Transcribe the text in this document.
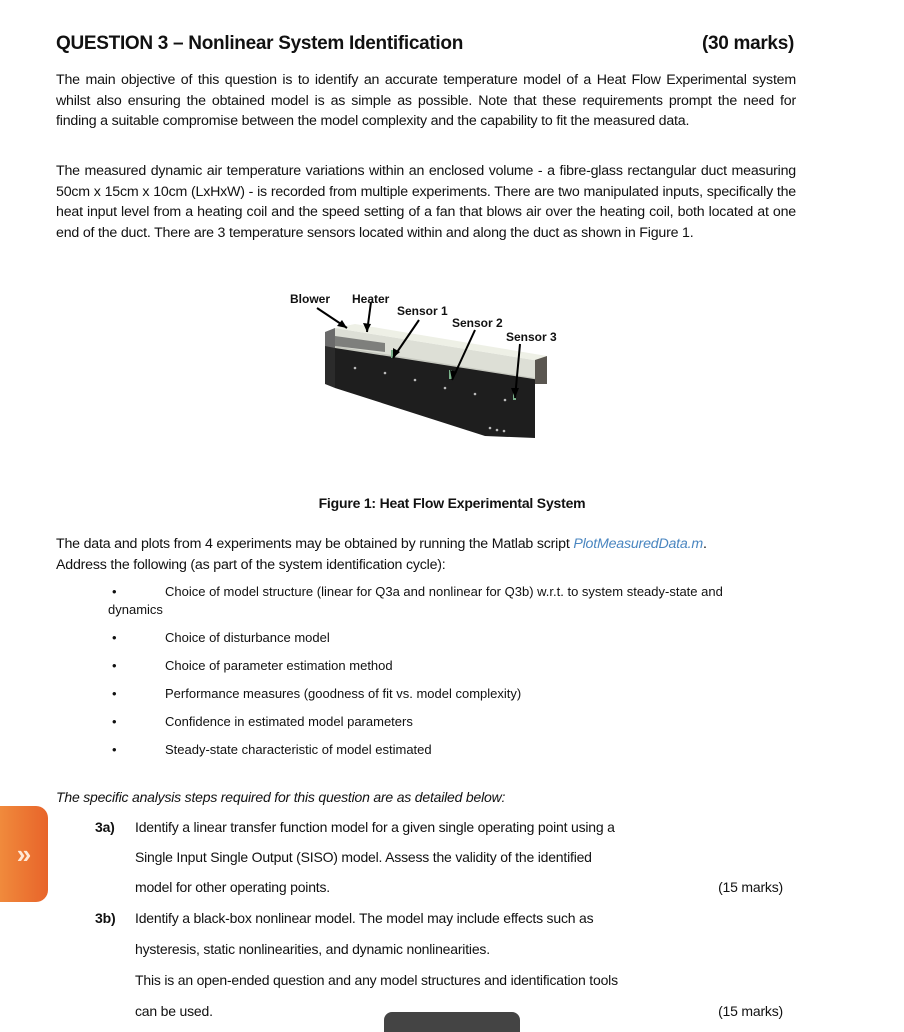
QUESTION 3 – Nonlinear System Identification	(30 marks)

The main objective of this question is to identify an accurate temperature model of a Heat Flow Experimental system whilst also ensuring the obtained model is as simple as possible. Note that these requirements prompt the need for finding a suitable compromise between the model complexity and the capability to fit the measured data.

The measured dynamic air temperature variations within an enclosed volume - a fibre-glass rectangular duct measuring 50cm x 15cm x 10cm (LxHxW) - is recorded from multiple experiments. There are two manipulated inputs, specifically the heat input level from a heating coil and the speed setting of a fan that blows air over the heating coil, both located at one end of the duct. There are 3 temperature sensors located within and along the duct as shown in Figure 1.

Blower Heater
Sensor 1
Sensor 2
Sensor 3
Figure 1: Heat Flow Experimental System
The data and plots from 4 experiments may be obtained by running the Matlab script PlotMeasuredData.m.
Address the following (as part of the system identification cycle):
•	Choice of model structure (linear for Q3a and nonlinear for Q3b) w.r.t. to system steady-state and
dynamics
•	Choice of disturbance model
•	Choice of parameter estimation method
•	Performance measures (goodness of fit vs. model complexity)
•	Confidence in estimated model parameters
•	Steady-state characteristic of model estimated
The specific analysis steps required for this question are as detailed below:
3a) Identify a linear transfer function model for a given single operating point using a
Single Input Single Output (SISO) model. Assess the validity of the identified
model for other operating points.	(15 marks)
3b) Identify a black-box nonlinear model. The model may include effects such as
hysteresis, static nonlinearities, and dynamic nonlinearities.
This is an open-ended question and any model structures and identification tools
can be used.	(15 marks)
»
